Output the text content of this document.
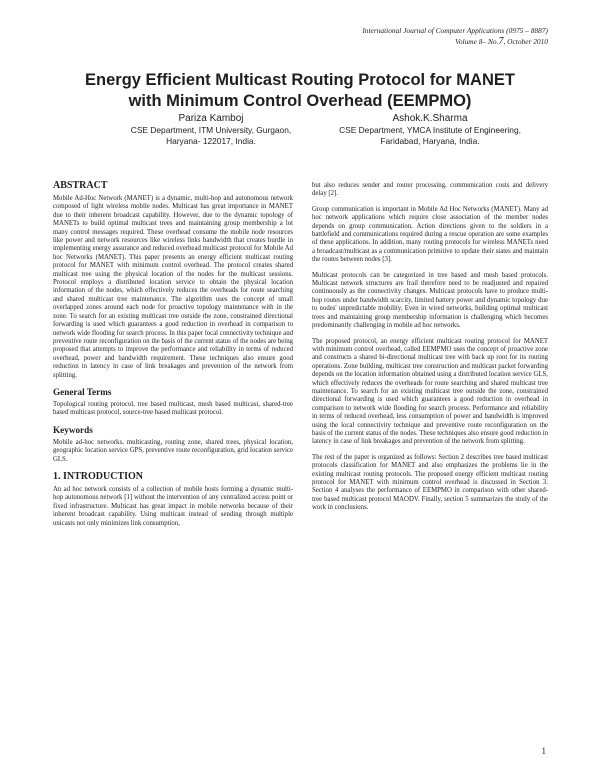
International Journal of Computer Applications (0975 – 8887)
Volume 8– No.7, October 2010
Energy Efficient Multicast Routing Protocol for MANET
with Minimum Control Overhead (EEMPMO)
Pariza Kamboj
CSE Department, ITM University, Gurgaon,
Haryana- 122017, India.
Ashok.K.Sharma
CSE Department, YMCA Institute of Engineering,
Faridabad, Haryana, India.
ABSTRACT

Mobile Ad-Hoc Network (MANET) is a dynamic, multi-hop and autonomous network composed of light wireless mobile nodes. Multicast has great importance in MANET due to their inherent broadcast capability. However, due to the dynamic topology of MANETs to build optimal multicast trees and maintaining group membership a lot many control messages required. These overhead consume the mobile node resources like power and network resources like wireless links bandwidth that creates hurdle in implementing energy assurance and reduced overhead multicast protocol for Mobile Ad hoc Networks (MANET). This paper presents an energy efficient multicast routing protocol for MANET with minimum control overhead. The protocol creates shared multicast tree using the physical location of the nodes for the multicast sessions. Protocol employs a distributed location service to obtain the physical location information of the nodes, which effectively reduces the overheads for route searching and shared multicast tree maintenance. The algorithm uses the concept of small overlapped zones around each node for proactive topology maintenance with in the zone. To search for an existing multicast tree outside the zone, constrained directional forwarding is used which guarantees a good reduction in overhead in comparison to network wide flooding for search process. In this paper local connectivity technique and preventive route reconfiguration on the basis of the current status of the nodes are being proposed that attempts to improve the performance and reliability in terms of reduced overhead, power and bandwidth requirement. These techniques also ensure good reduction in latency in case of link breakages and prevention of the network from splitting.

General Terms

Topological routing protocol, tree based multicast, mesh based multicast, shared-tree based multicast protocol, source-tree based multicast protocol.

Keywords

Mobile ad-hoc networks, multicasting, routing zone, shared trees, physical location, geographic location service GPS, preventive route reconfiguration, grid location service GLS.

1. INTRODUCTION

An ad hoc network consists of a collection of mobile hosts forming a dynamic multi-hop autonomous network [1] without the intervention of any centralized access point or fixed infrastructure. Multicast has great impact in mobile networks because of their inherent broadcast capability. Using multicast instead of sending through multiple unicasts not only minimizes link consumption,

but also reduces sender and router processing, communication costs and delivery delay [2].

Group communication is important in Mobile Ad Hoc Networks (MANET). Many ad hoc network applications which require close association of the member nodes depends on group communication. Action directions given to the soldiers in a battlefield and communications required during a rescue operation are some examples of these applications. In addition, many routing protocols for wireless MANETs need a broadcast/multicast as a communication primitive to update their states and maintain the routes between nodes [3].

Multicast protocols can be categorized in tree based and mesh based protocols. Multicast network structures are frail therefore need to be readjusted and repaired continuously as the connectivity changes. Multicast protocols have to produce multi-hop routes under bandwidth scarcity, limited battery power and dynamic topology due to nodes' unpredictable mobility. Even in wired networks, building optimal multicast trees and maintaining group membership information is challenging which becomes predominantly challenging in mobile ad hoc networks.

The proposed protocol, an energy efficient multicast routing protocol for MANET with minimum control overhead, called EEMPMO uses the concept of proactive zone and constructs a shared bi-directional multicast tree with back up root for its routing operations. Zone building, multicast tree construction and multicast packet forwarding depends on the location information obtained using a distributed location service GLS, which effectively reduces the overheads for route searching and shared multicast tree maintenance. To search for an existing multicast tree outside the zone, constrained directional forwarding is used which guarantees a good reduction in overhead in comparison to network wide flooding for search process. Performance and reliability in terms of reduced overhead, less consumption of power and bandwidth is improved using the local connectivity technique and preventive route reconfiguration on the basis of the current status of the nodes. These techniques also ensure good reduction in latency in case of link breakages and prevention of the network from splitting.

The rest of the paper is organized as follows: Section 2 describes tree based multicast protocols classification for MANET and also emphasizes the problems lie in the existing multicast routing protocols. The proposed energy efficient multicast routing protocol for MANET with minimum control overhead is discussed in Section 3. Section 4 analyses the performance of EEMPMO in comparison with other shared-tree based multicast protocol MAODV. Finally, section 5 summarizes the study of the work in conclusions.

1
